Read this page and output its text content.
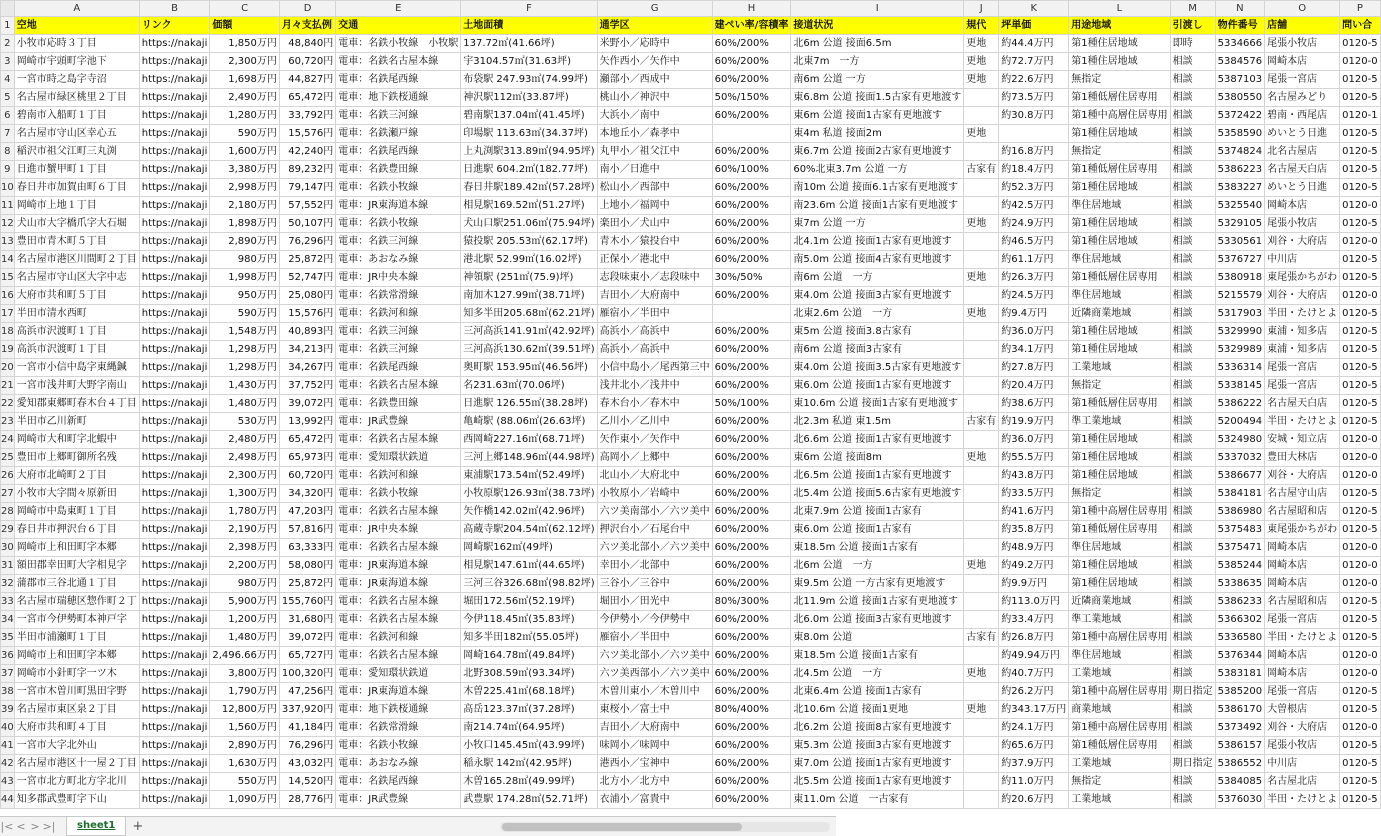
	A	B	C	D	E	F	G	H	I	J	K	L	M	N	O	P
1	空地	リンク	価額	月々支払例	交通	土地面積	通学区	建ぺい率/容積率	接道状況	規代	坪単価	用途地域	引渡し	物件番号	店舗	問い合
2	小牧市応時３丁目	https://nakaji	1,850万円	48,840円	電車：名鉄小牧線　小牧駅	137.72㎡(41.66坪)	米野小／応時中	60%/200%	北6m 公道 接面6.5m	更地	約44.4万円	第1種住居地域	即時	5334666	尾張小牧店	0120-5
3	岡崎市宇頭町字池下	https://nakaji	2,300万円	60,720円	電車：名鉄名古屋本線	宇3104.57㎡(31.63坪)	矢作西小／矢作中	60%/200%	北東7m　一方	更地	約72.7万円	第1種住居地域	相談	5384576	岡崎本店	0120-0
4	一宮市時之島字寺沼	https://nakaji	1,698万円	44,827円	電車：名鉄尾西線	布袋駅 247.93㎡(74.99坪)	瀬部小／西成中	60%/200%	南6m 公道 一方	更地	約22.6万円	無指定	相談	5387103	尾張一宮店	0120-5
5	名古屋市緑区桃里２丁目	https://nakaji	2,490万円	65,472円	電車：地下鉄桜通線	神沢駅112㎡(33.87坪)	桃山小／神沢中	50%/150%	東6.8m 公道 接面1.5古家有更地渡す		約73.5万円	第1種低層住居専用	相談	5380550	名古屋みどり	0120-5
6	碧南市入船町１丁目	https://nakaji	1,280万円	33,792円	電車：名鉄三河線	碧南駅137.04㎡(41.45坪)	大浜小／南中	60%/200%	東6m 公道 接面1古家有更地渡す		約30.8万円	第1種中高層住居専用	相談	5372422	碧南・西尾店	0120-1
7	名古屋市守山区幸心五	https://nakaji	590万円	15,576円	電車：名鉄瀬戸線	印場駅 113.63㎡(34.37坪)	本地丘小／森孝中		東4m 私道 接面2m	更地		第1種住居地域	相談	5358590	めいとう日進	0120-5
8	稲沢市祖父江町三丸渕	https://nakaji	1,600万円	42,240円	電車：名鉄尾西線	上丸渕駅313.89㎡(94.95坪)	丸甲小／祖父江中	60%/200%	東6.7m 公道 接面2古家有更地渡す		約16.8万円	無指定	相談	5374824	北名古屋店	0120-5
9	日進市蟹甲町１丁目	https://nakaji	3,380万円	89,232円	電車：名鉄豊田線	日進駅 604.2㎡(182.77坪)	南小／日進中	60%/100%	60%北東3.7m 公道 一方	古家有	約18.4万円	第1種低層住居専用	相談	5386223	名古屋天白店	0120-5
10	春日井市加賀由町６丁目	https://nakaji	2,998万円	79,147円	電車：名鉄小牧線	春日井駅189.42㎡(57.28坪)	松山小／西部中	60%/200%	南10m 公道 接面6.1古家有更地渡す		約52.3万円	第1種住居地域	相談	5383227	めいとう日進	0120-5
11	岡崎市上地１丁目	https://nakaji	2,180万円	57,552円	電車：JR東海道本線	相見駅169.52㎡(51.27坪)	上地小／福岡中	60%/200%	南23.6m 公道 接面1古家有更地渡す		約42.5万円	準住居地域	相談	5325540	岡崎本店	0120-0
12	犬山市大字橋爪字大石堀	https://nakaji	1,898万円	50,107円	電車：名鉄小牧線	犬山口駅251.06㎡(75.94坪)	楽田小／犬山中	60%/200%	東7m 公道 一方	更地	約24.9万円	第1種住居地域	相談	5329105	尾張小牧店	0120-5
13	豊田市青木町５丁目	https://nakaji	2,890万円	76,296円	電車：名鉄三河線	猿投駅 205.53㎡(62.17坪)	青木小／猿投台中	60%/200%	北4.1m 公道 接面1古家有更地渡す		約46.5万円	第1種住居地域	相談	5330561	刈谷・大府店	0120-0
14	名古屋市港区川間町２丁目	https://nakaji	980万円	25,872円	電車：あおなみ線	港北駅 52.99㎡(16.02坪)	正保小／港北中	60%/200%	南5.0m 公道 接面4古家有更地渡す		約61.1万円	準住居地域	相談	5376727	中川店	0120-5
15	名古屋市守山区大字中志	https://nakaji	1,998万円	52,747円	電車：JR中央本線	神領駅 (251㎡(75.9)坪)	志段味東小／志段味中	30%/50%	南6m 公道　一方	更地	約26.3万円	第1種低層住居専用	相談	5380918	東尾張かちがわ	0120-5
16	大府市共和町５丁目	https://nakaji	950万円	25,080円	電車：名鉄常滑線	南加木127.99㎡(38.71坪)	吉田小／大府南中	60%/200%	東4.0m 公道 接面3古家有更地渡す		約24.5万円	準住居地域	相談	5215579	刈谷・大府店	0120-0
17	半田市清水西町	https://nakaji	590万円	15,576円	電車：名鉄河和線	知多半田205.68㎡(62.21坪)	雁宿小／半田中		北東2.6m 公道　一方	更地	約9.4万円	近隣商業地域	相談	5317903	半田・たけとよ	0120-5
18	高浜市沢渡町１丁目	https://nakaji	1,548万円	40,893円	電車：名鉄三河線	三河高浜141.91㎡(42.92坪)	高浜小／高浜中	60%/200%	東5m 公道 接面3.8古家有		約36.0万円	第1種住居地域	相談	5329990	東浦・知多店	0120-5
19	高浜市沢渡町１丁目	https://nakaji	1,298万円	34,213円	電車：名鉄三河線	三河高浜130.62㎡(39.51坪)	高浜小／高浜中	60%/200%	南6m 公道 接面3古家有		約34.1万円	第1種住居地域	相談	5329989	東浦・知多店	0120-5
20	一宮市小信中島字東縄鍼	https://nakaji	1,298万円	34,267円	電車：名鉄尾西線	奥町駅 153.95㎡(46.56坪)	小信中島小／尾西第三中	60%/200%	東4.0m 公道 接面3.5古家有更地渡す		約27.8万円	工業地域	相談	5336314	尾張一宮店	0120-5
21	一宮市浅井町大野字南山	https://nakaji	1,430万円	37,752円	電車：名鉄名古屋本線	名231.63㎡(70.06坪)	浅井北小／浅井中	60%/200%	東6.0m 公道 接面1古家有更地渡す		約20.4万円	無指定	相談	5338145	尾張一宮店	0120-5
22	愛知郡東郷町春木台４丁目	https://nakaji	1,480万円	39,072円	電車：名鉄豊田線	日進駅 126.55㎡(38.28坪)	春木台小／春木中	50%/100%	東10.6m 公道 接面1古家有更地渡す		約38.6万円	第1種低層住居専用	相談	5386222	名古屋天白店	0120-5
23	半田市乙川新町	https://nakaji	530万円	13,992円	電車：JR武豊線	亀崎駅 (88.06㎡(26.63坪)	乙川小／乙川中	60%/200%	北2.3m 私道 東1.5m	古家有	約19.9万円	準工業地域	相談	5200494	半田・たけとよ	0120-5
24	岡崎市大和町字北蝦中	https://nakaji	2,480万円	65,472円	電車：名鉄名古屋本線	西岡崎227.16㎡(68.71坪)	矢作東小／矢作中	60%/200%	北6.6m 公道 接面1古家有更地渡す		約36.0万円	第1種住居地域	相談	5324980	安城・知立店	0120-0
25	豊田市上郷町御所名残	https://nakaji	2,498万円	65,973円	電車：愛知環状鉄道	三河上郷148.96㎡(44.98坪)	高岡小／上郷中	60%/200%	東6m 公道 接面8m	更地	約55.5万円	第1種住居地域	相談	5337032	豊田大林店	0120-0
26	大府市北崎町２丁目	https://nakaji	2,300万円	60,720円	電車：名鉄河和線	東浦駅173.54㎡(52.49坪)	北山小／大府北中	60%/200%	北6.5m 公道 接面1古家有更地渡す		約43.8万円	第1種住居地域	相談	5386677	刈谷・大府店	0120-0
27	小牧市大字間々原新田	https://nakaji	1,300万円	34,320円	電車：名鉄小牧線	小牧原駅126.93㎡(38.73坪)	小牧原小／岩崎中	60%/200%	北5.4m 公道 接面5.6古家有更地渡す		約33.5万円	無指定	相談	5384181	名古屋守山店	0120-5
28	岡崎市中島東町１丁目	https://nakaji	1,780万円	47,203円	電車：名鉄名古屋本線	矢作橋142.02㎡(42.96坪)	六ツ美南部小／六ツ美中	60%/200%	北東7.9m 公道 接面1古家有		約41.6万円	第1種中高層住居専用	相談	5386980	名古屋昭和店	0120-5
29	春日井市押沢台６丁目	https://nakaji	2,190万円	57,816円	電車：JR中央本線	高蔵寺駅204.54㎡(62.12坪)	押沢台小／石尾台中	60%/200%	東6.0m 公道 接面1古家有		約35.8万円	第1種低層住居専用	相談	5375483	東尾張かちがわ	0120-5
30	岡崎市上和田町字本郷	https://nakaji	2,398万円	63,333円	電車：名鉄名古屋本線	岡崎駅162㎡(49坪)	六ツ美北部小／六ツ美中	60%/200%	東18.5m 公道 接面1古家有		約48.9万円	準住居地域	相談	5375471	岡崎本店	0120-0
31	額田郡幸田町大字相見字	https://nakaji	2,200万円	58,080円	電車：JR東海道本線	相見駅147.61㎡(44.65坪)	幸田小／北部中	60%/200%	北6m 公道　一方	更地	約49.2万円	第1種住居地域	相談	5385244	岡崎本店	0120-0
32	蒲郡市三谷北通１丁目	https://nakaji	980万円	25,872円	電車：JR東海道本線	三河三谷326.68㎡(98.82坪)	三谷小／三谷中	60%/200%	東9.5m 公道 一方古家有更地渡す		約9.9万円	第1種住居地域	相談	5338635	岡崎本店	0120-0
33	名古屋市瑞穂区惣作町２丁	https://nakaji	5,900万円	155,760円	電車：名鉄名古屋本線	堀田172.56㎡(52.19坪)	堀田小／田光中	80%/300%	北11.9m 公道 接面1古家有更地渡す		約113.0万円	近隣商業地域	相談	5386233	名古屋昭和店	0120-5
34	一宮市今伊勢町本神戸字	https://nakaji	1,200万円	31,680円	電車：名鉄名古屋本線	今伊118.45㎡(35.83坪)	今伊勢小／今伊勢中	60%/200%	北6.0m 公道 接面3古家有更地渡す		約33.4万円	準工業地域	相談	5366302	尾張一宮店	0120-5
35	半田市浦瀬町１丁目	https://nakaji	1,480万円	39,072円	電車：名鉄河和線	知多半田182㎡(55.05坪)	雁宿小／半田中	60%/200%	東8.0m 公道	古家有	約26.8万円	第1種中高層住居専用	相談	5336580	半田・たけとよ	0120-5
36	岡崎市上和田町字本郷	https://nakaji	2,496.66万円	65,727円	電車：名鉄名古屋本線	岡崎164.78㎡(49.84坪)	六ツ美北部小／六ツ美中	60%/200%	東18.5m 公道 接面1古家有		約49.94万円	準住居地域	相談	5376344	岡崎本店	0120-0
37	岡崎市小針町字一ツ木	https://nakaji	3,800万円	100,320円	電車：愛知環状鉄道	北野308.59㎡(93.34坪)	六ツ美西部小／六ツ美中	60%/200%	北4.5m 公道　一方	更地	約40.7万円	工業地域	相談	5383181	岡崎本店	0120-0
38	一宮市木曽川町黒田字野	https://nakaji	1,790万円	47,256円	電車：JR東海道本線	木曽225.41㎡(68.18坪)	木曽川東小／木曽川中	60%/200%	北東6.4m 公道 接面1古家有		約26.2万円	第1種中高層住居専用	期日指定	5385200	尾張一宮店	0120-5
39	名古屋市東区泉２丁目	https://nakaji	12,800万円	337,920円	電車：地下鉄桜通線	高岳123.37㎡(37.28坪)	東桜小／富士中	80%/400%	北10.6m 公道 接面1更地	更地	約343.17万円	商業地域	相談	5386170	大曽根店	0120-5
40	大府市共和町４丁目	https://nakaji	1,560万円	41,184円	電車：名鉄常滑線	南214.74㎡(64.95坪)	吉田小／大府南中	60%/200%	北6.2m 公道 接面8古家有更地渡す		約24.1万円	第1種中高層住居専用	相談	5373492	刈谷・大府店	0120-0
41	一宮市大字北外山	https://nakaji	2,890万円	76,296円	電車：名鉄小牧線	小牧口145.45㎡(43.99坪)	味岡小／味岡中	60%/200%	東5.3m 公道 接面3古家有更地渡す		約65.6万円	第1種低層住居専用	相談	5386157	尾張小牧店	0120-5
42	名古屋市港区十一屋２丁目	https://nakaji	1,630万円	43,032円	電車：あおなみ線	稲永駅 142㎡(42.95坪)	港西小／宝神中	60%/200%	東7.0m 公道 接面1古家有更地渡す		約37.9万円	工業地域	期日指定	5386552	中川店	0120-5
43	一宮市北方町北方字北川	https://nakaji	550万円	14,520円	電車：名鉄尾西線	木曽165.28㎡(49.99坪)	北方小／北方中	60%/200%	北5.5m 公道 接面1古家有更地渡す		約11.0万円	無指定	相談	5384085	名古屋北店	0120-5
44	知多郡武豊町字下山	https://nakaji	1,090万円	28,776円	電車：JR武豊線	武豊駅 174.28㎡(52.71坪)	衣浦小／富貴中	60%/200%	東11.0m 公道　一古家有		約20.6万円	工業地域	相談	5376030	半田・たけとよ	0120-5
|< < > >|	sheet1	+
